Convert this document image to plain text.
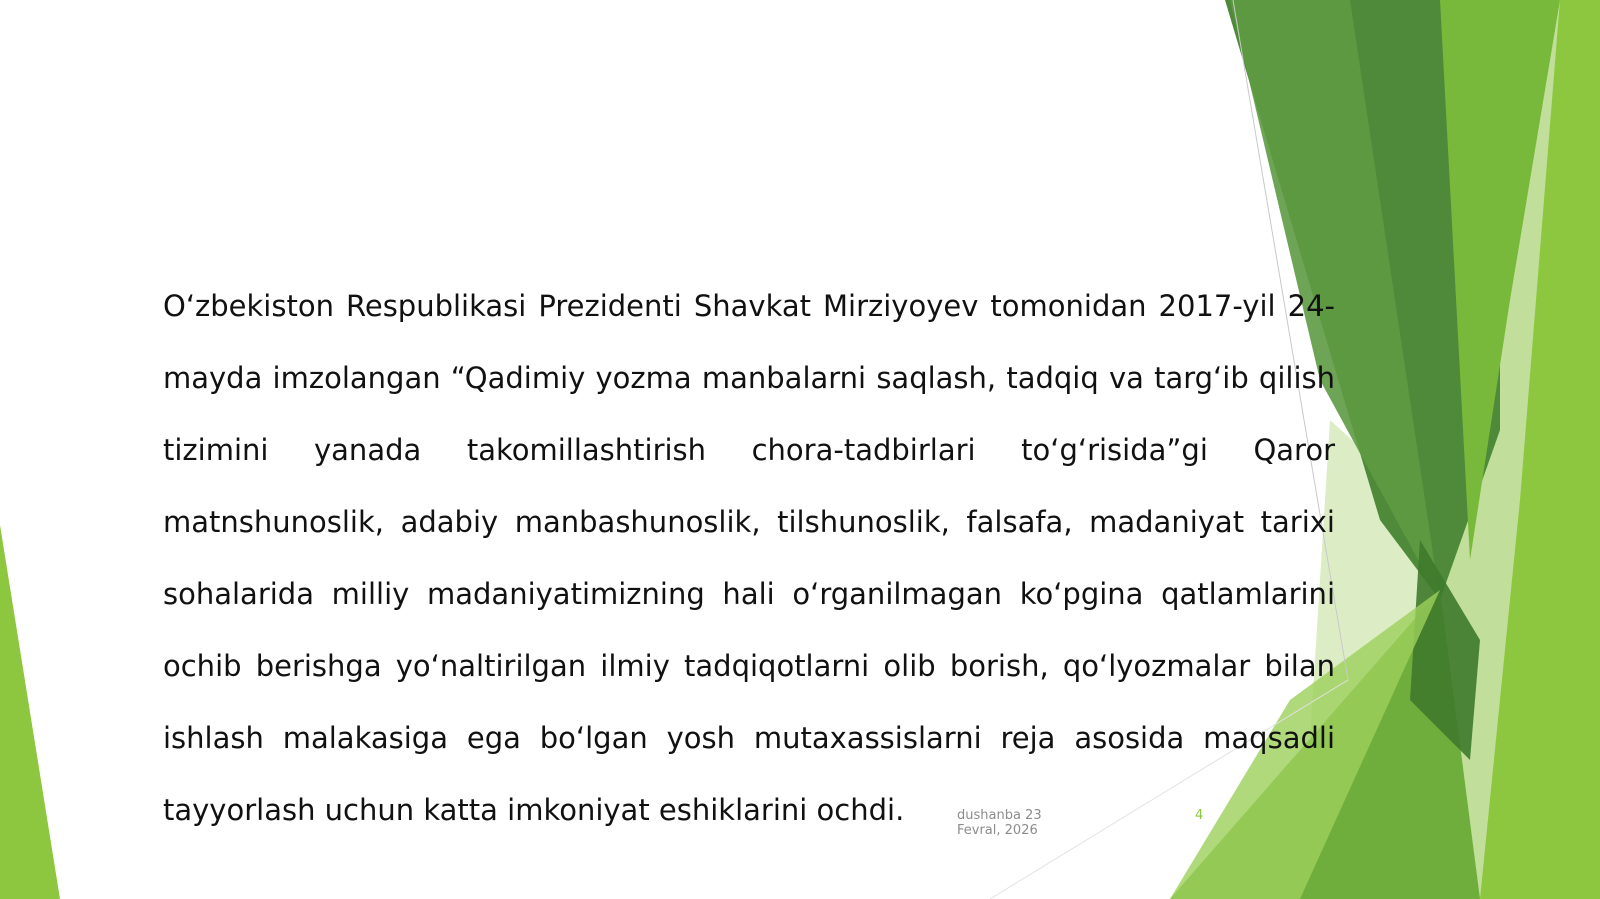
O‘zbekiston Respublikasi Prezidenti Shavkat Mirziyoyev tomonidan 2017-yil 24-mayda imzolangan “Qadimiy yozma manbalarni saqlash, tadqiq va targ‘ib qilish tizimini yanada takomillashtirish chora-tadbirlari to‘g‘risida”gi Qaror matnshunoslik, adabiy manbashunoslik, tilshunoslik, falsafa, madaniyat tarixi sohalarida milliy madaniyatimizning hali o‘rganilmagan ko‘pgina qatlamlarini ochib berishga yo‘naltirilgan ilmiy tadqiqotlarni olib borish, qo‘lyozmalar bilan ishlash malakasiga ega bo‘lgan yosh mutaxassislarni reja asosida maqsadli tayyorlash uchun katta imkoniyat eshiklarini ochdi.	dushanba 23 Fevral, 2026
4
